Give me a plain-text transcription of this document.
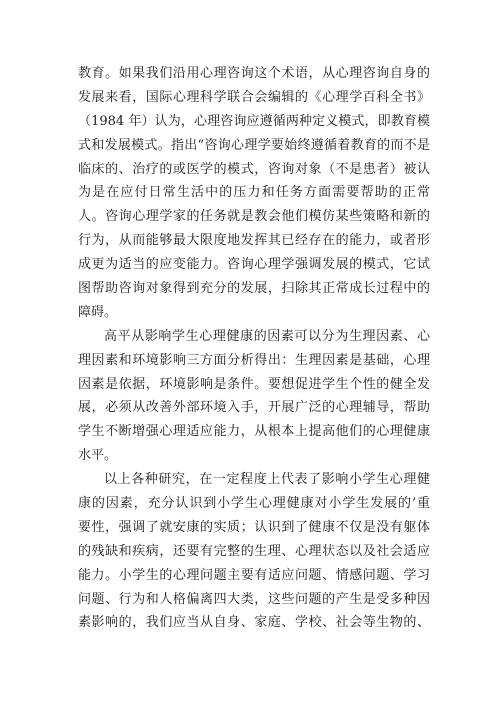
教育。如果我们沿用心理咨询这个术语，从心理咨询自身的
发展来看，国际心理科学联合会编辑的《心理学百科全书》
（1984 年）认为，心理咨询应遵循两种定义模式，即教育模
式和发展模式。指出“咨询心理学要始终遵循着教育的而不是
临床的、治疗的或医学的模式，咨询对象（不是患者）被认
为是在应付日常生活中的压力和任务方面需要帮助的正常
人。咨询心理学家的任务就是教会他们模仿某些策略和新的
行为，从而能够最大限度地发挥其已经存在的能力，或者形
成更为适当的应变能力。咨询心理学强调发展的模式，它试
图帮助咨询对象得到充分的发展，扫除其正常成长过程中的
障碍。
高平从影响学生心理健康的因素可以分为生理因素、心
理因素和环境影响三方面分析得出：生理因素是基础，心理
因素是依据，环境影响是条件。要想促进学生个性的健全发
展，必须从改善外部环境入手，开展广泛的心理辅导，帮助
学生不断增强心理适应能力，从根本上提高他们的心理健康
水平。
以上各种研究，在一定程度上代表了影响小学生心理健
康的因素，充分认识到小学生心理健康对小学生发展的’重
要性，强调了就安康的实质；认识到了健康不仅是没有躯体
的残缺和疾病，还要有完整的生理、心理状态以及社会适应
能力。小学生的心理问题主要有适应问题、情感问题、学习
问题、行为和人格偏离四大类，这些问题的产生是受多种因
素影响的，我们应当从自身、家庭、学校、社会等生物的、
